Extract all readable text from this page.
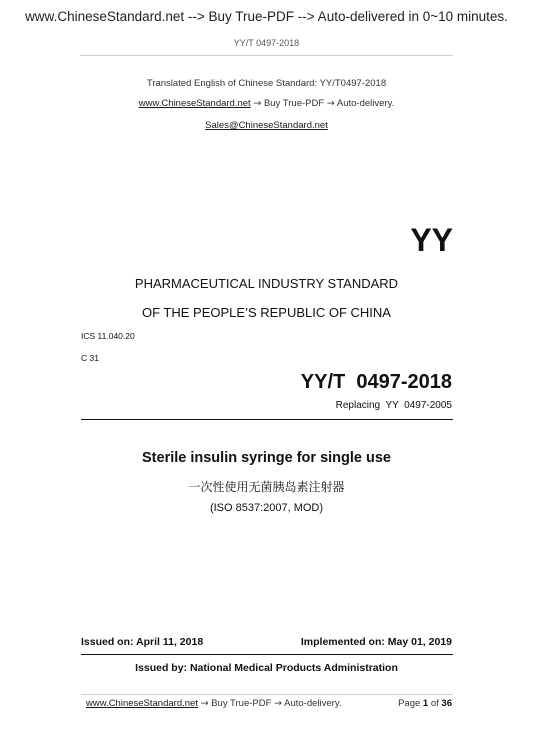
www.ChineseStandard.net --> Buy True-PDF --> Auto-delivered in 0~10 minutes.
YY/T 0497-2018
Translated English of Chinese Standard: YY/T0497-2018
www.ChineseStandard.net → Buy True-PDF → Auto-delivery.
Sales@ChineseStandard.net
YY
PHARMACEUTICAL INDUSTRY STANDARD
OF THE PEOPLE’S REPUBLIC OF CHINA
ICS 11.040.20
C 31
YY/T  0497-2018
Replacing  YY  0497-2005
Sterile insulin syringe for single use
一次性使用无菌胰岛素注射器
(ISO 8537:2007, MOD)
Issued on: April 11, 2018	Implemented on: May 01, 2019
Issued by: National Medical Products Administration
www.ChineseStandard.net → Buy True-PDF → Auto-delivery.	Page 1 of 36
